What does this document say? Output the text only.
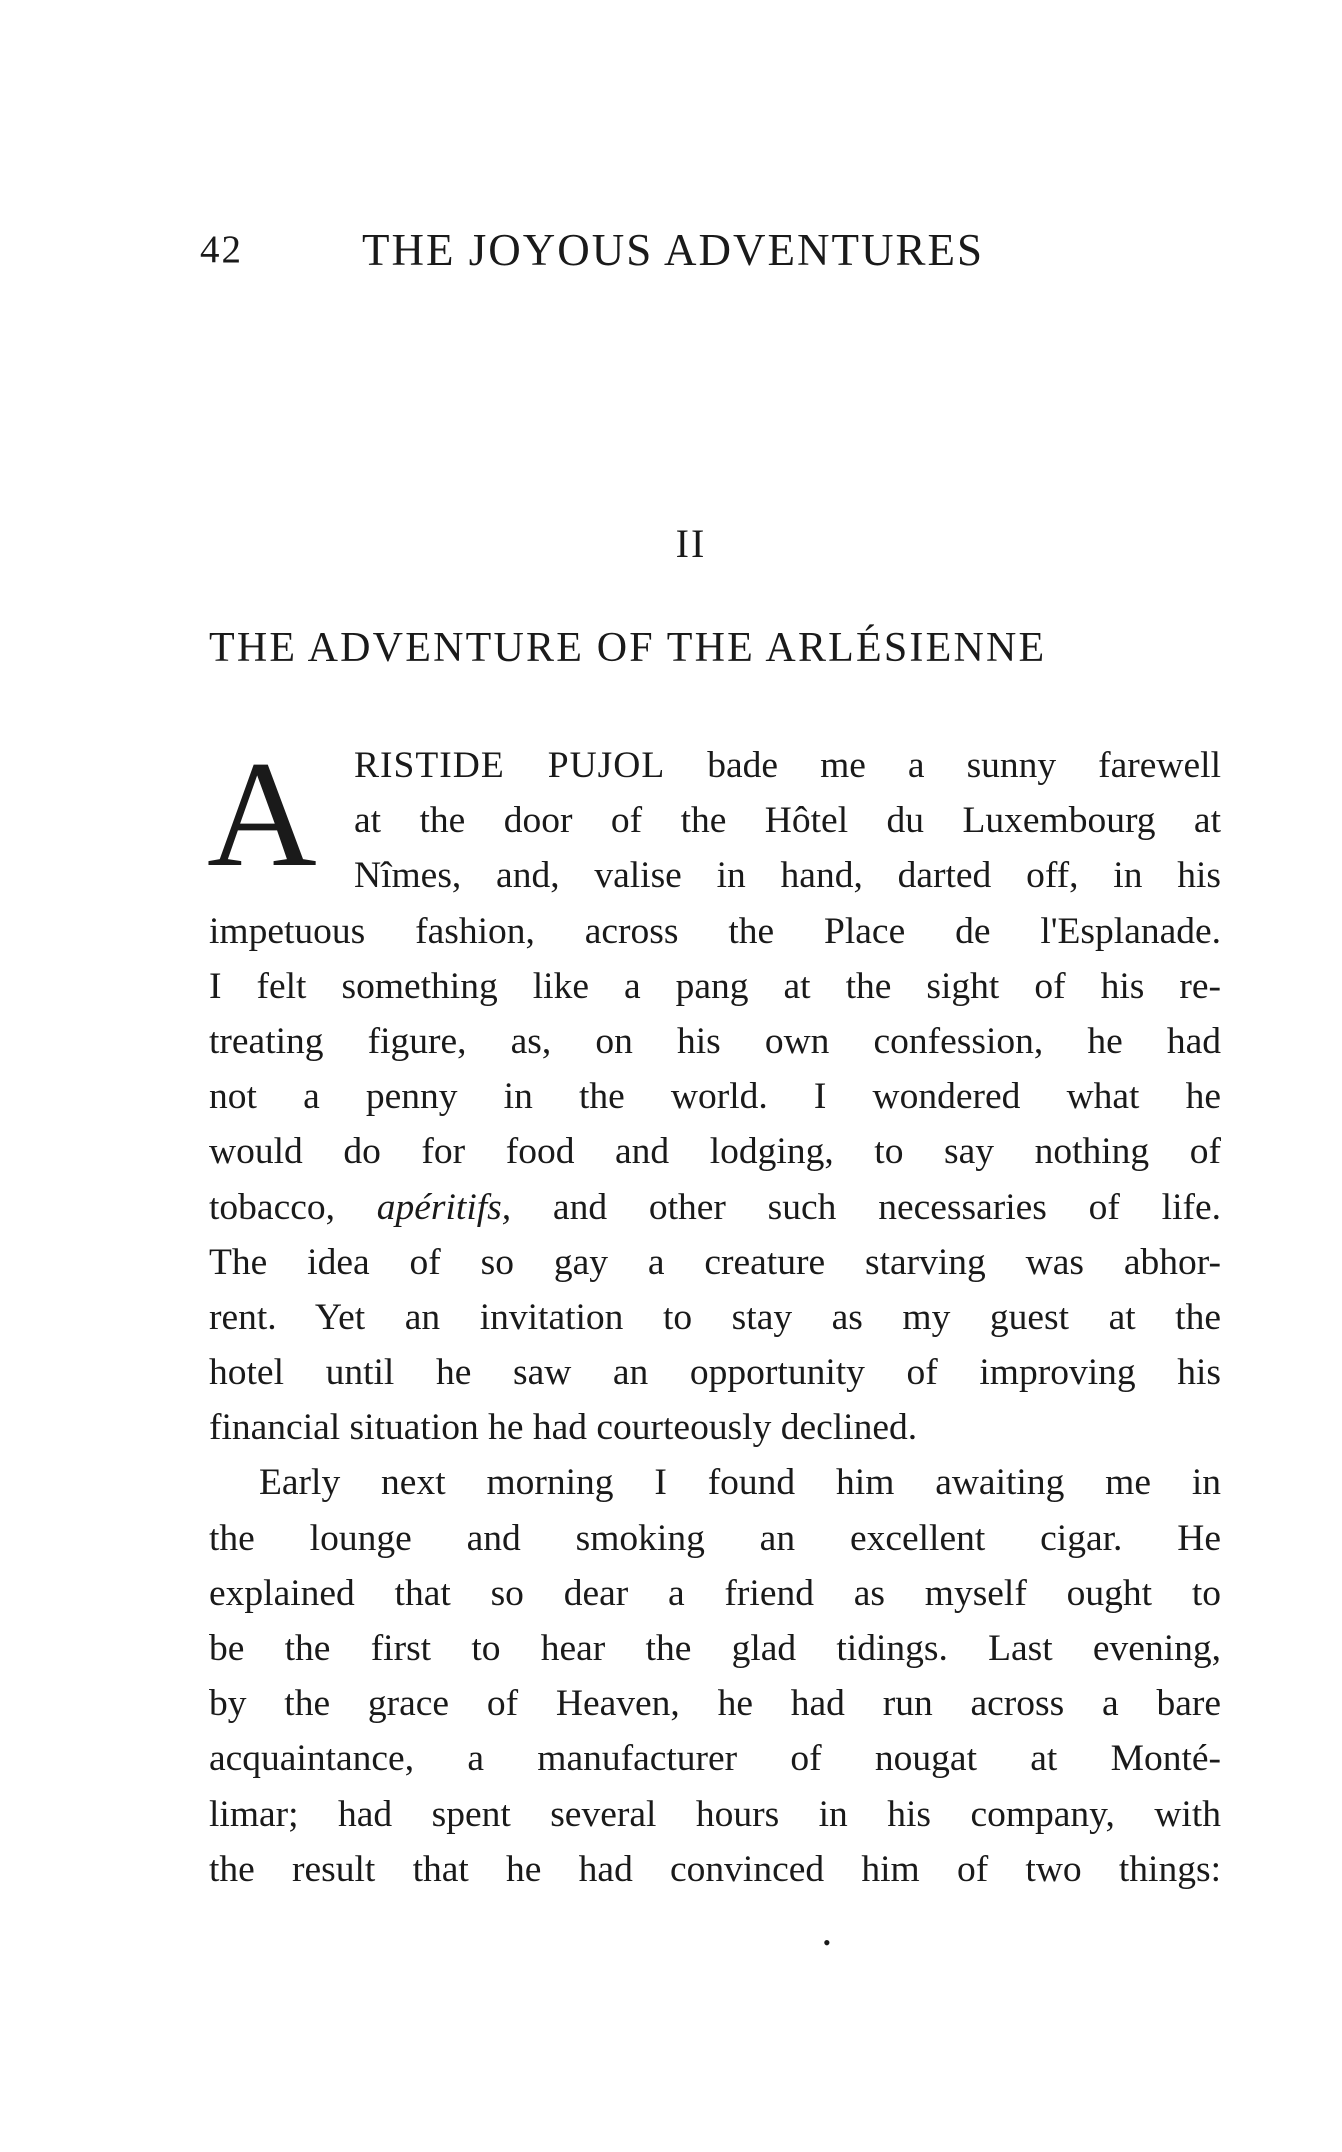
42	THE JOYOUS ADVENTURES
II
THE ADVENTURE OF THE ARLÉSIENNE
A RISTIDE PUJOL bade me a sunny farewell
at the door of the Hôtel du Luxembourg at
Nîmes, and, valise in hand, darted off, in his
impetuous fashion, across the Place de l'Esplanade.
I felt something like a pang at the sight of his re-
treating figure, as, on his own confession, he had
not a penny in the world. I wondered what he
would do for food and lodging, to say nothing of
tobacco, apéritifs, and other such necessaries of life.
The idea of so gay a creature starving was abhor-
rent. Yet an invitation to stay as my guest at the
hotel until he saw an opportunity of improving his
financial situation he had courteously declined.
Early next morning I found him awaiting me in
the lounge and smoking an excellent cigar. He
explained that so dear a friend as myself ought to
be the first to hear the glad tidings. Last evening,
by the grace of Heaven, he had run across a bare
acquaintance, a manufacturer of nougat at Monté-
limar; had spent several hours in his company, with
the result that he had convinced him of two things:
•
